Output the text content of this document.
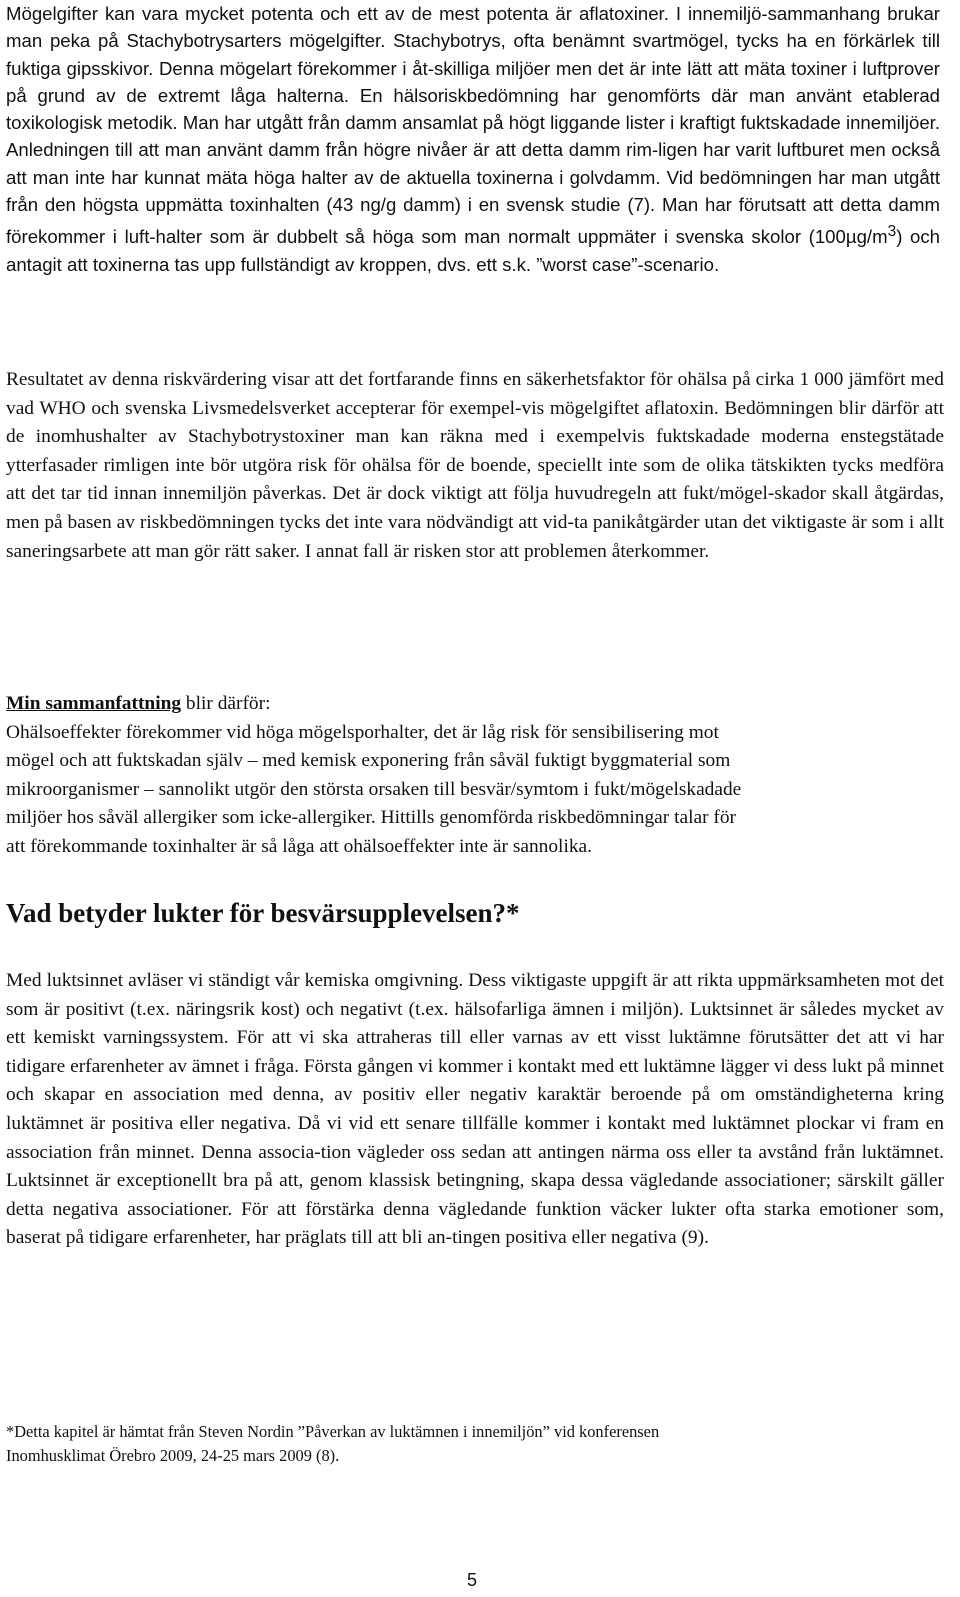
Mögelgifter kan vara mycket potenta och ett av de mest potenta är aflatoxiner. I innemiljö-sammanhang brukar man peka på Stachybotrysarters mögelgifter. Stachybotrys, ofta benämnt svartmögel, tycks ha en förkärlek till fuktiga gipsskivor. Denna mögelart förekommer i åt-skilliga miljöer men det är inte lätt att mäta toxiner i luftprover på grund av de extremt låga halterna. En hälsoriskbedömning har genomförts där man använt etablerad toxikologisk metodik. Man har utgått från damm ansamlat på högt liggande lister i kraftigt fuktskadade innemiljöer. Anledningen till att man använt damm från högre nivåer är att detta damm rim-ligen har varit luftburet men också att man inte har kunnat mäta höga halter av de aktuella toxinerna i golvdamm. Vid bedömningen har man utgått från den högsta uppmätta toxinhalten (43 ng/g damm) i en svensk studie (7). Man har förutsatt att detta damm förekommer i luft-halter som är dubbelt så höga som man normalt uppmäter i svenska skolor $(100\mu g/m^3)$ och antagit att toxinerna tas upp fullständigt av kroppen, dvs. ett s.k. ”worst case”-scenario.

Resultatet av denna riskvärdering visar att det fortfarande finns en säkerhetsfaktor för ohälsa på cirka 1 000 jämfört med vad WHO och svenska Livsmedelsverket accepterar för exempel-vis mögelgiftet aflatoxin. Bedömningen blir därför att de inomhushalter av Stachybotrystoxiner man kan räkna med i exempelvis fuktskadade moderna enstegstätade ytterfasader rimligen inte bör utgöra risk för ohälsa för de boende, speciellt inte som de olika tätskikten tycks medföra att det tar tid innan innemiljön påverkas. Det är dock viktigt att följa huvudregeln att fukt/mögel-skador skall åtgärdas, men på basen av riskbedömningen tycks det inte vara nödvändigt att vid-ta panikåtgärder utan det viktigaste är som i allt saneringsarbete att man gör rätt saker. I annat fall är risken stor att problemen återkommer.

Min sammanfattning blir därför:
Ohälsoeffekter förekommer vid höga mögelsporhalter, det är låg risk för sensibilisering mot
mögel och att fuktskadan själv – med kemisk exponering från såväl fuktigt byggmaterial som
mikroorganismer – sannolikt utgör den största orsaken till besvär/symtom i fukt/mögelskadade
miljöer hos såväl allergiker som icke-allergiker. Hittills genomförda riskbedömningar talar för
att förekommande toxinhalter är så låga att ohälsoeffekter inte är sannolika.
Vad betyder lukter för besvärsupplevelsen?*

Med luktsinnet avläser vi ständigt vår kemiska omgivning. Dess viktigaste uppgift är att rikta uppmärksamheten mot det som är positivt (t.ex. näringsrik kost) och negativt (t.ex. hälsofarliga ämnen i miljön). Luktsinnet är således mycket av ett kemiskt varningssystem. För att vi ska attraheras till eller varnas av ett visst luktämne förutsätter det att vi har tidigare erfarenheter av ämnet i fråga. Första gången vi kommer i kontakt med ett luktämne lägger vi dess lukt på minnet och skapar en association med denna, av positiv eller negativ karaktär beroende på om omständigheterna kring luktämnet är positiva eller negativa. Då vi vid ett senare tillfälle kommer i kontakt med luktämnet plockar vi fram en association från minnet. Denna associa-tion vägleder oss sedan att antingen närma oss eller ta avstånd från luktämnet. Luktsinnet är exceptionellt bra på att, genom klassisk betingning, skapa dessa vägledande associationer; särskilt gäller detta negativa associationer. För att förstärka denna vägledande funktion väcker lukter ofta starka emotioner som, baserat på tidigare erfarenheter, har präglats till att bli an-tingen positiva eller negativa (9).

*Detta kapitel är hämtat från Steven Nordin ”Påverkan av luktämnen i innemiljön” vid konferensen
Inomhusklimat Örebro 2009, 24-25 mars 2009 (8).
5
